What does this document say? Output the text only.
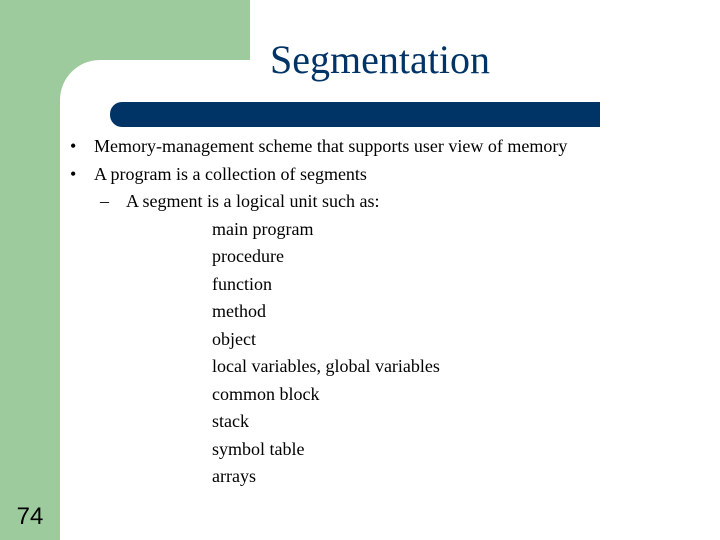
Segmentation
• Memory-management scheme that supports user view of memory
• A program is a collection of segments
– A segment is a logical unit such as:
main program
procedure
function
method
object
local variables, global variables
common block
stack
symbol table
arrays
74
